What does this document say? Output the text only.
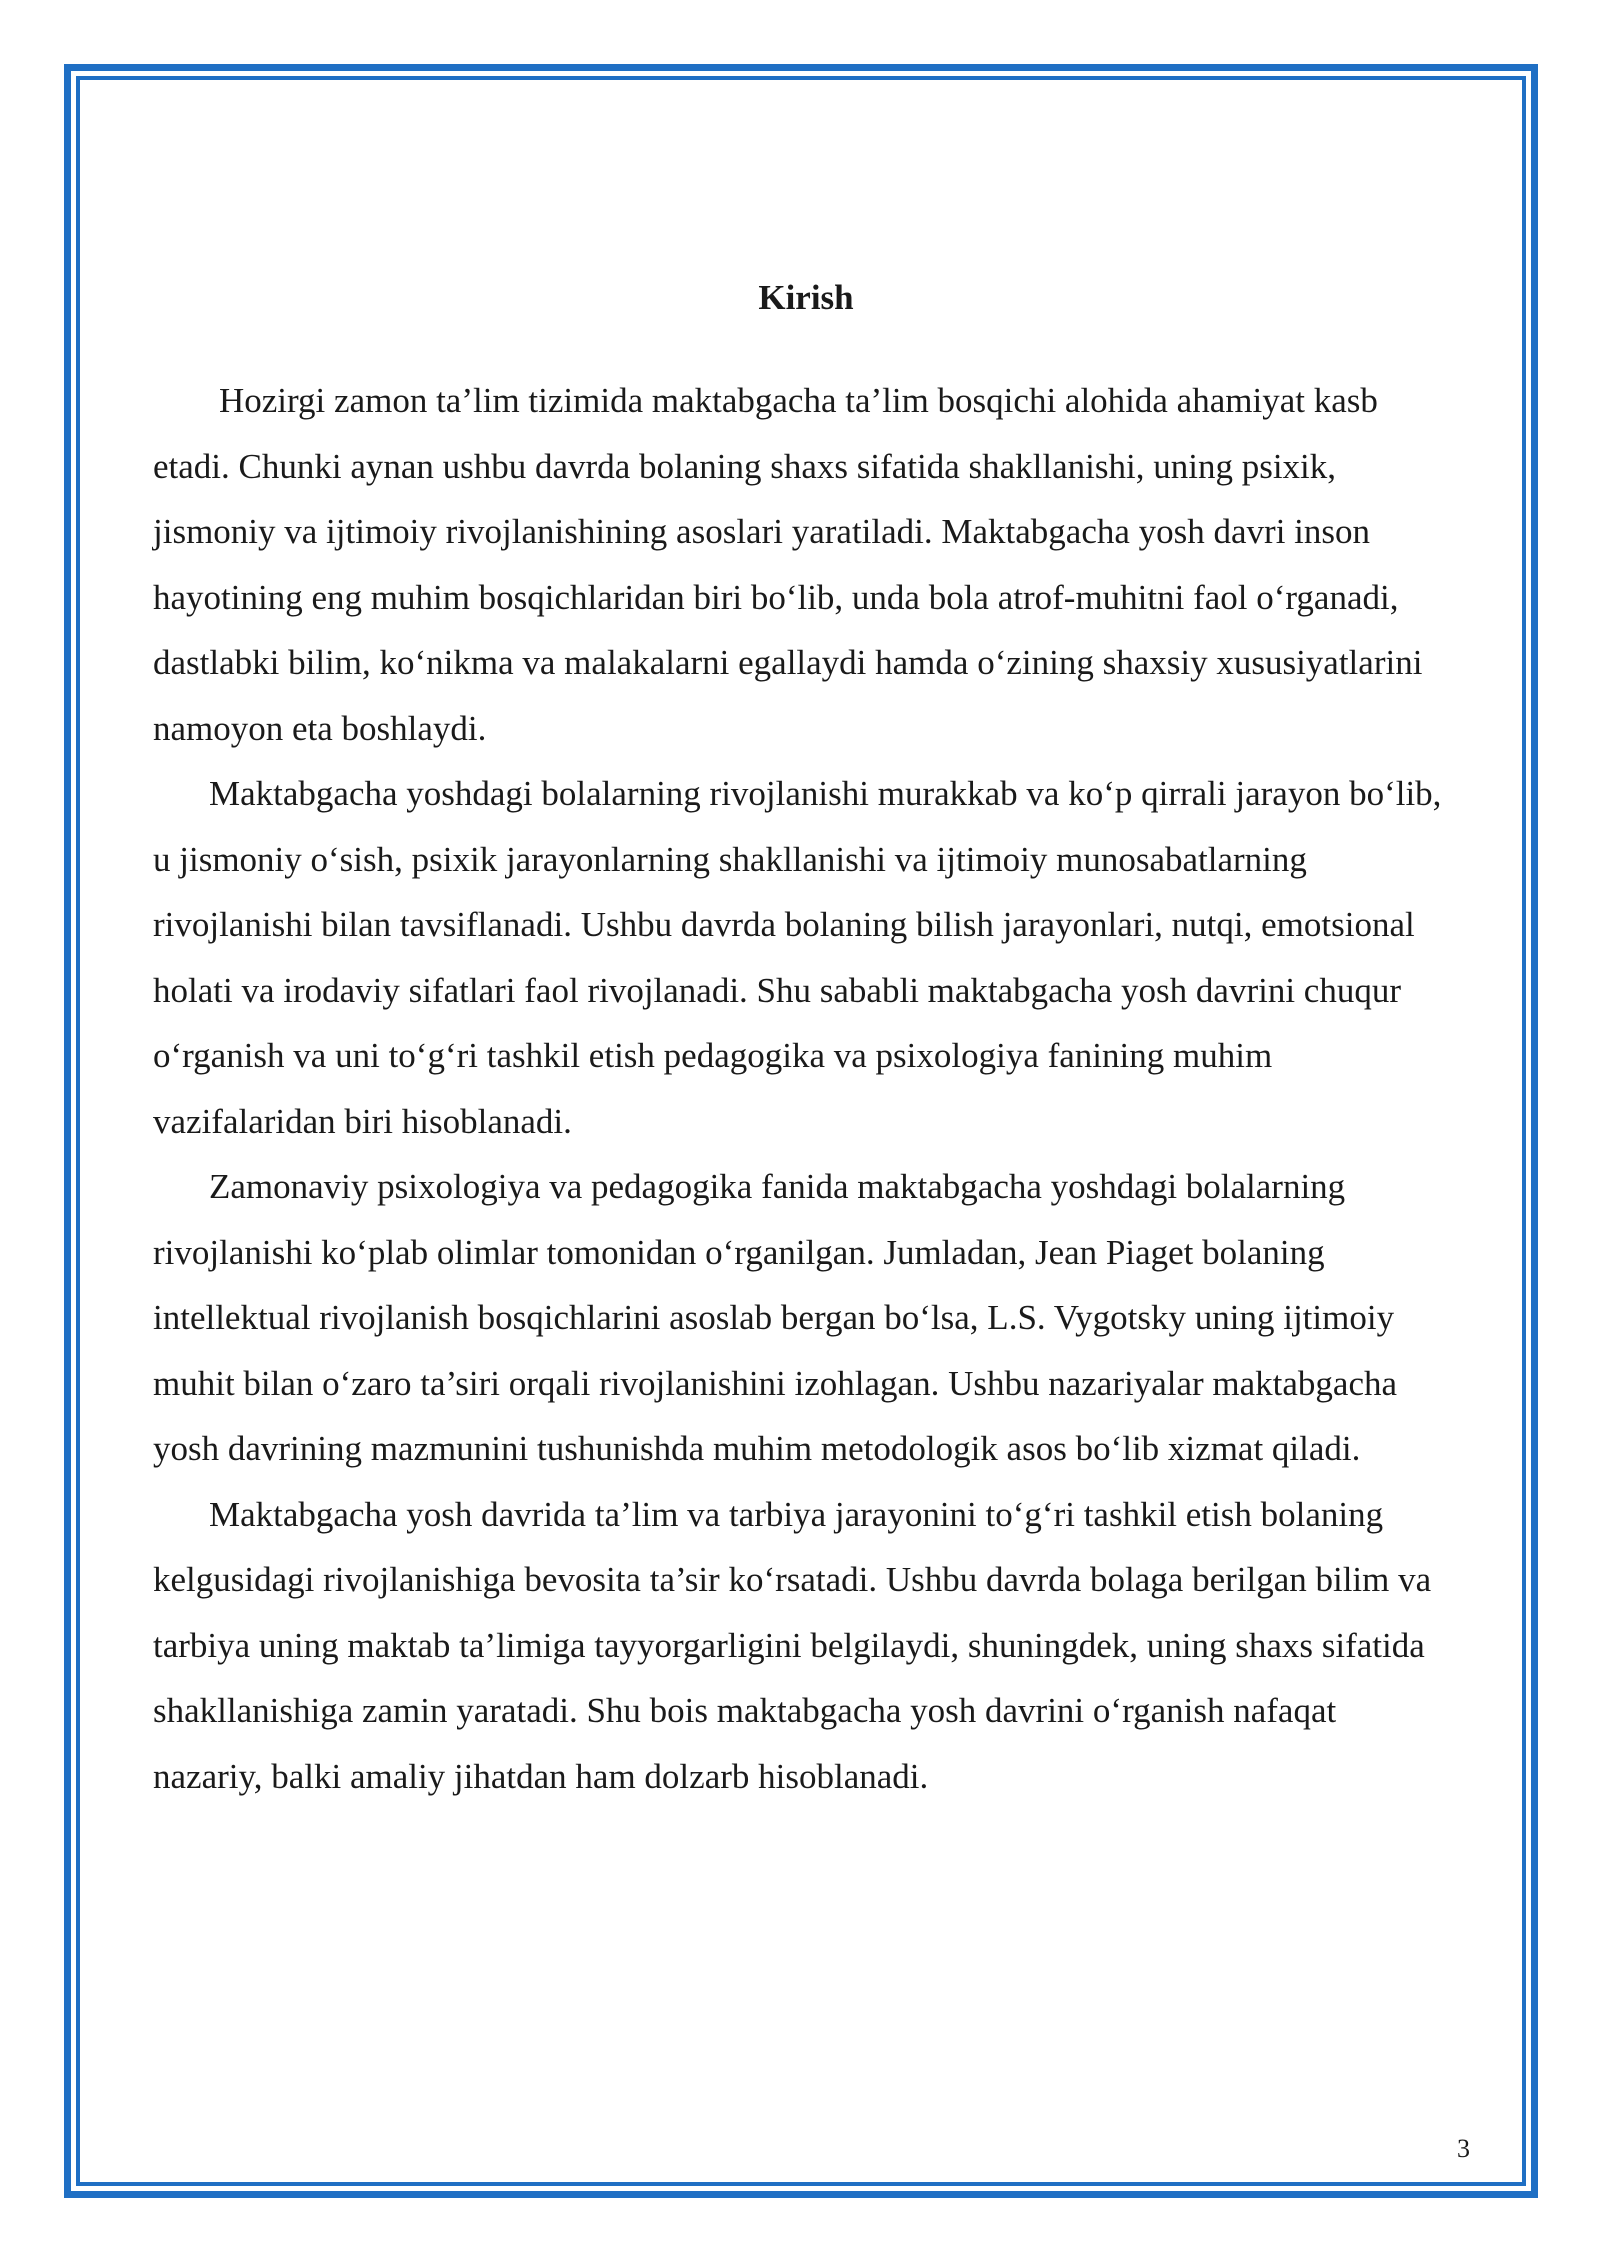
Kirish

Hozirgi zamon ta’lim tizimida maktabgacha ta’lim bosqichi alohida ahamiyat kasb etadi. Chunki aynan ushbu davrda bolaning shaxs sifatida shakllanishi, uning psixik, jismoniy va ijtimoiy rivojlanishining asoslari yaratiladi. Maktabgacha yosh davri inson hayotining eng muhim bosqichlaridan biri bo‘lib, unda bola atrof-muhitni faol o‘rganadi, dastlabki bilim, ko‘nikma va malakalarni egallaydi hamda o‘zining shaxsiy xususiyatlarini namoyon eta boshlaydi.

Maktabgacha yoshdagi bolalarning rivojlanishi murakkab va ko‘p qirrali jarayon bo‘lib, u jismoniy o‘sish, psixik jarayonlarning shakllanishi va ijtimoiy munosabatlarning rivojlanishi bilan tavsiflanadi. Ushbu davrda bolaning bilish jarayonlari, nutqi, emotsional holati va irodaviy sifatlari faol rivojlanadi. Shu sababli maktabgacha yosh davrini chuqur o‘rganish va uni to‘g‘ri tashkil etish pedagogika va psixologiya fanining muhim vazifalaridan biri hisoblanadi.

Zamonaviy psixologiya va pedagogika fanida maktabgacha yoshdagi bolalarning rivojlanishi ko‘plab olimlar tomonidan o‘rganilgan. Jumladan, Jean Piaget bolaning intellektual rivojlanish bosqichlarini asoslab bergan bo‘lsa, L.S. Vygotsky uning ijtimoiy muhit bilan o‘zaro ta’siri orqali rivojlanishini izohlagan. Ushbu nazariyalar maktabgacha yosh davrining mazmunini tushunishda muhim metodologik asos bo‘lib xizmat qiladi.

Maktabgacha yosh davrida ta’lim va tarbiya jarayonini to‘g‘ri tashkil etish bolaning kelgusidagi rivojlanishiga bevosita ta’sir ko‘rsatadi. Ushbu davrda bolaga berilgan bilim va tarbiya uning maktab ta’limiga tayyorgarligini belgilaydi, shuningdek, uning shaxs sifatida shakllanishiga zamin yaratadi. Shu bois maktabgacha yosh davrini o‘rganish nafaqat nazariy, balki amaliy jihatdan ham dolzarb hisoblanadi.

3
